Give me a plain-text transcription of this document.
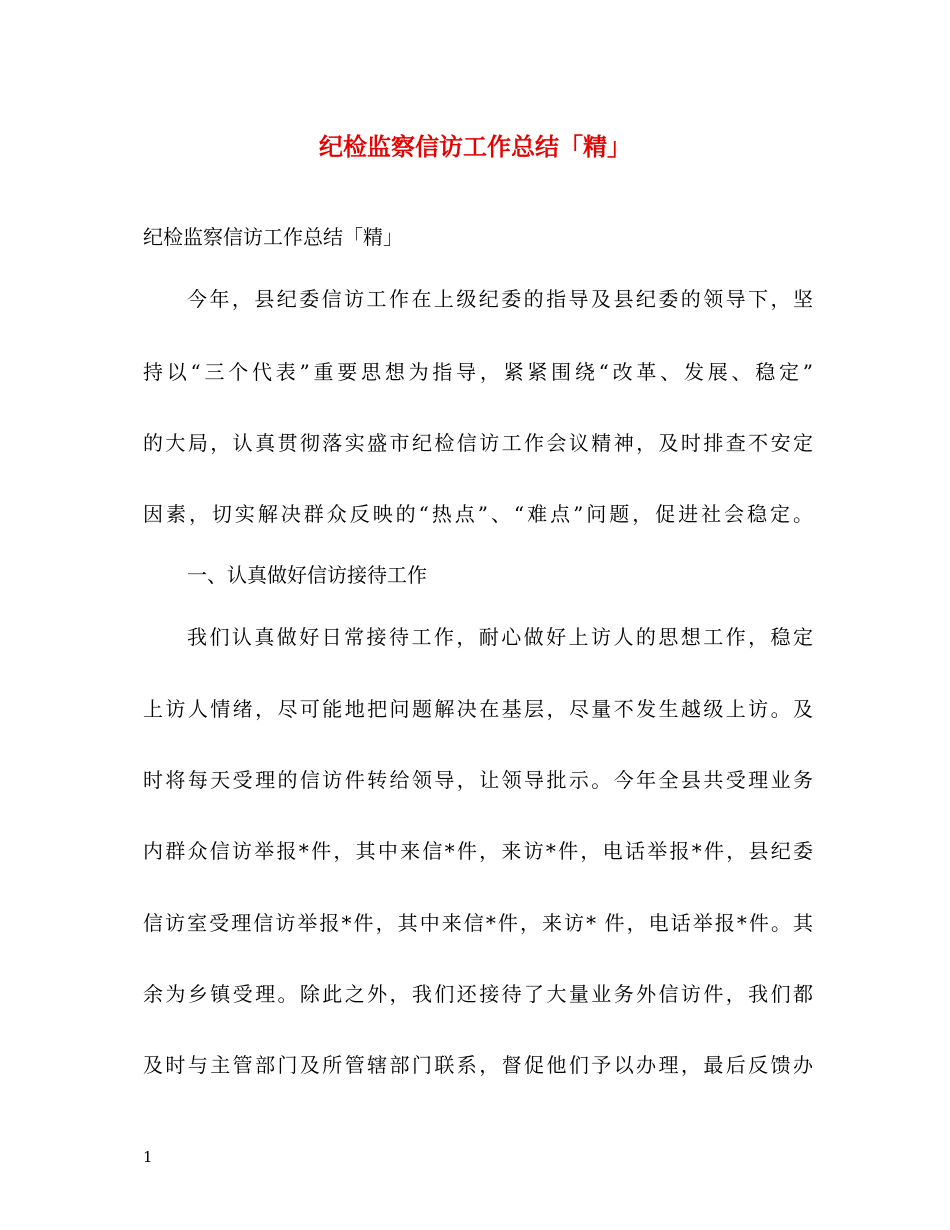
纪检监察信访工作总结「精」
纪检监察信访工作总结「精」
今年，县纪委信访工作在上级纪委的指导及县纪委的领导下，坚
持以“三个代表”重要思想为指导，紧紧围绕“改革、发展、稳定”
的大局，认真贯彻落实盛市纪检信访工作会议精神，及时排查不安定
因素，切实解决群众反映的“热点”、“难点”问题，促进社会稳定。
一、认真做好信访接待工作
我们认真做好日常接待工作，耐心做好上访人的思想工作，稳定
上访人情绪，尽可能地把问题解决在基层，尽量不发生越级上访。及
时将每天受理的信访件转给领导，让领导批示。今年全县共受理业务
内群众信访举报*件，其中来信*件，来访*件，电话举报*件，县纪委
信访室受理信访举报*件，其中来信*件，来访* 件，电话举报*件。其
余为乡镇受理。除此之外，我们还接待了大量业务外信访件，我们都
及时与主管部门及所管辖部门联系，督促他们予以办理，最后反馈办
1
